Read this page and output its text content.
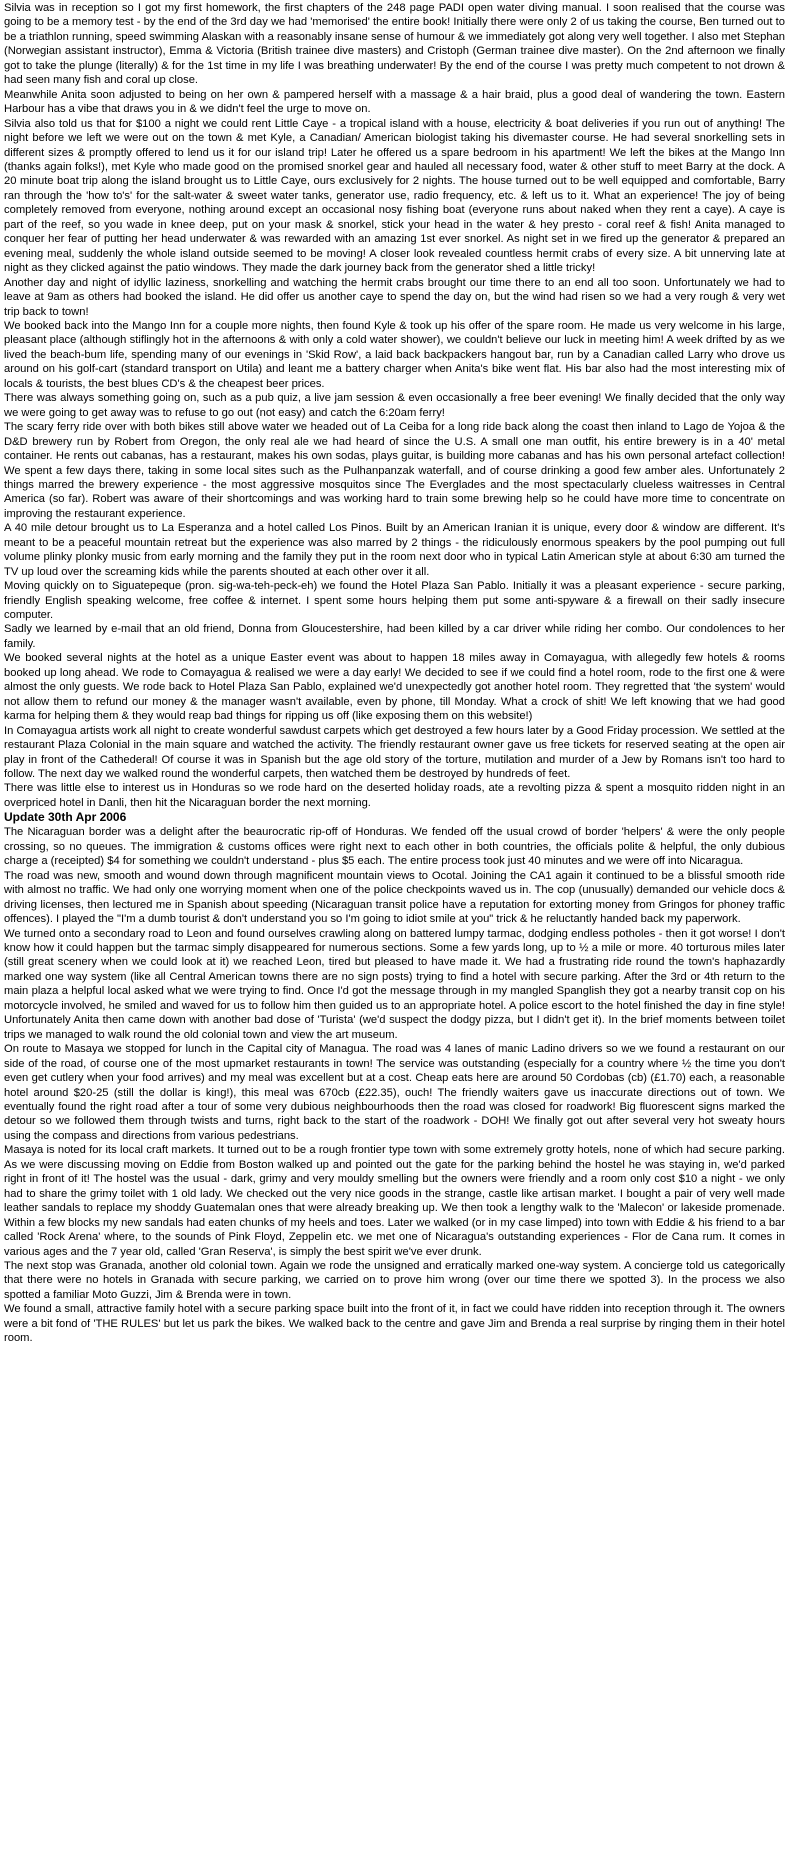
Silvia was in reception so I got my first homework, the first chapters of the 248 page PADI open water diving manual. I soon realised that the course was going to be a memory test - by the end of the 3rd day we had 'memorised' the entire book! Initially there were only 2 of us taking the course, Ben turned out to be a triathlon running, speed swimming Alaskan with a reasonably insane sense of humour & we immediately got along very well together. I also met Stephan (Norwegian assistant instructor), Emma & Victoria (British trainee dive masters) and Cristoph (German trainee dive master). On the 2nd afternoon we finally got to take the plunge (literally) & for the 1st time in my life I was breathing underwater! By the end of the course I was pretty much competent to not drown & had seen many fish and coral up close.

Meanwhile Anita soon adjusted to being on her own & pampered herself with a massage & a hair braid, plus a good deal of wandering the town. Eastern Harbour has a vibe that draws you in & we didn't feel the urge to move on.

Silvia also told us that for $100 a night we could rent Little Caye - a tropical island with a house, electricity & boat deliveries if you run out of anything! The night before we left we were out on the town & met Kyle, a Canadian/ American biologist taking his divemaster course. He had several snorkelling sets in different sizes & promptly offered to lend us it for our island trip! Later he offered us a spare bedroom in his apartment! We left the bikes at the Mango Inn (thanks again folks!), met Kyle who made good on the promised snorkel gear and hauled all necessary food, water & other stuff to meet Barry at the dock. A 20 minute boat trip along the island brought us to Little Caye, ours exclusively for 2 nights. The house turned out to be well equipped and comfortable, Barry ran through the 'how to's' for the salt-water & sweet water tanks, generator use, radio frequency, etc. & left us to it. What an experience! The joy of being completely removed from everyone, nothing around except an occasional nosy fishing boat (everyone runs about naked when they rent a caye). A caye is part of the reef, so you wade in knee deep, put on your mask & snorkel, stick your head in the water & hey presto - coral reef & fish! Anita managed to conquer her fear of putting her head underwater & was rewarded with an amazing 1st ever snorkel. As night set in we fired up the generator & prepared an evening meal, suddenly the whole island outside seemed to be moving! A closer look revealed countless hermit crabs of every size. A bit unnerving late at night as they clicked against the patio windows. They made the dark journey back from the generator shed a little tricky!

Another day and night of idyllic laziness, snorkelling and watching the hermit crabs brought our time there to an end all too soon. Unfortunately we had to leave at 9am as others had booked the island. He did offer us another caye to spend the day on, but the wind had risen so we had a very rough & very wet trip back to town!

We booked back into the Mango Inn for a couple more nights, then found Kyle & took up his offer of the spare room. He made us very welcome in his large, pleasant place (although stiflingly hot in the afternoons & with only a cold water shower), we couldn't believe our luck in meeting him! A week drifted by as we lived the beach-bum life, spending many of our evenings in 'Skid Row', a laid back backpackers hangout bar, run by a Canadian called Larry who drove us around on his golf-cart (standard transport on Utila) and leant me a battery charger when Anita's bike went flat. His bar also had the most interesting mix of locals & tourists, the best blues CD's & the cheapest beer prices.

There was always something going on, such as a pub quiz, a live jam session & even occasionally a free beer evening! We finally decided that the only way we were going to get away was to refuse to go out (not easy) and catch the 6:20am ferry!

The scary ferry ride over with both bikes still above water we headed out of La Ceiba for a long ride back along the coast then inland to Lago de Yojoa & the D&D brewery run by Robert from Oregon, the only real ale we had heard of since the U.S. A small one man outfit, his entire brewery is in a 40' metal container. He rents out cabanas, has a restaurant, makes his own sodas, plays guitar, is building more cabanas and has his own personal artefact collection! We spent a few days there, taking in some local sites such as the Pulhanpanzak waterfall, and of course drinking a good few amber ales. Unfortunately 2 things marred the brewery experience - the most aggressive mosquitos since The Everglades and the most spectacularly clueless waitresses in Central America (so far). Robert was aware of their shortcomings and was working hard to train some brewing help so he could have more time to concentrate on improving the restaurant experience.

A 40 mile detour brought us to La Esperanza and a hotel called Los Pinos. Built by an American Iranian it is unique, every door & window are different. It's meant to be a peaceful mountain retreat but the experience was also marred by 2 things - the ridiculously enormous speakers by the pool pumping out full volume plinky plonky music from early morning and the family they put in the room next door who in typical Latin American style at about 6:30 am turned the TV up loud over the screaming kids while the parents shouted at each other over it all.

Moving quickly on to Siguatepeque (pron. sig-wa-teh-peck-eh) we found the Hotel Plaza San Pablo. Initially it was a pleasant experience - secure parking, friendly English speaking welcome, free coffee & internet. I spent some hours helping them put some anti-spyware & a firewall on their sadly insecure computer.

Sadly we learned by e-mail that an old friend, Donna from Gloucestershire, had been killed by a car driver while riding her combo. Our condolences to her family.

We booked several nights at the hotel as a unique Easter event was about to happen 18 miles away in Comayagua, with allegedly few hotels & rooms booked up long ahead. We rode to Comayagua & realised we were a day early! We decided to see if we could find a hotel room, rode to the first one & were almost the only guests. We rode back to Hotel Plaza San Pablo, explained we'd unexpectedly got another hotel room. They regretted that 'the system' would not allow them to refund our money & the manager wasn't available, even by phone, till Monday. What a crock of shit! We left knowing that we had good karma for helping them & they would reap bad things for ripping us off (like exposing them on this website!)

In Comayagua artists work all night to create wonderful sawdust carpets which get destroyed a few hours later by a Good Friday procession. We settled at the restaurant Plaza Colonial in the main square and watched the activity. The friendly restaurant owner gave us free tickets for reserved seating at the open air play in front of the Cathederal! Of course it was in Spanish but the age old story of the torture, mutilation and murder of a Jew by Romans isn't too hard to follow. The next day we walked round the wonderful carpets, then watched them be destroyed by hundreds of feet.

There was little else to interest us in Honduras so we rode hard on the deserted holiday roads, ate a revolting pizza & spent a mosquito ridden night in an overpriced hotel in Danli, then hit the Nicaraguan border the next morning.

Update 30th Apr 2006

The Nicaraguan border was a delight after the beaurocratic rip-off of Honduras. We fended off the usual crowd of border 'helpers' & were the only people crossing, so no queues. The immigration & customs offices were right next to each other in both countries, the officials polite & helpful, the only dubious charge a (receipted) $4 for something we couldn't understand - plus $5 each. The entire process took just 40 minutes and we were off into Nicaragua.

The road was new, smooth and wound down through magnificent mountain views to Ocotal. Joining the CA1 again it continued to be a blissful smooth ride with almost no traffic. We had only one worrying moment when one of the police checkpoints waved us in. The cop (unusually) demanded our vehicle docs & driving licenses, then lectured me in Spanish about speeding (Nicaraguan transit police have a reputation for extorting money from Gringos for phoney traffic offences). I played the "I'm a dumb tourist & don't understand you so I'm going to idiot smile at you" trick & he reluctantly handed back my paperwork.

We turned onto a secondary road to Leon and found ourselves crawling along on battered lumpy tarmac, dodging endless potholes - then it got worse! I don't know how it could happen but the tarmac simply disappeared for numerous sections. Some a few yards long, up to ½ a mile or more. 40 torturous miles later (still great scenery when we could look at it) we reached Leon, tired but pleased to have made it. We had a frustrating ride round the town's haphazardly marked one way system (like all Central American towns there are no sign posts) trying to find a hotel with secure parking. After the 3rd or 4th return to the main plaza a helpful local asked what we were trying to find. Once I'd got the message through in my mangled Spanglish they got a nearby transit cop on his motorcycle involved, he smiled and waved for us to follow him then guided us to an appropriate hotel. A police escort to the hotel finished the day in fine style! Unfortunately Anita then came down with another bad dose of 'Turista' (we'd suspect the dodgy pizza, but I didn't get it). In the brief moments between toilet trips we managed to walk round the old colonial town and view the art museum.

On route to Masaya we stopped for lunch in the Capital city of Managua. The road was 4 lanes of manic Ladino drivers so we we found a restaurant on our side of the road, of course one of the most upmarket restaurants in town! The service was outstanding (especially for a country where ½ the time you don't even get cutlery when your food arrives) and my meal was excellent but at a cost. Cheap eats here are around 50 Cordobas (cb) (£1.70) each, a reasonable hotel around $20-25 (still the dollar is king!), this meal was 670cb (£22.35), ouch! The friendly waiters gave us inaccurate directions out of town. We eventually found the right road after a tour of some very dubious neighbourhoods then the road was closed for roadwork! Big fluorescent signs marked the detour so we followed them through twists and turns, right back to the start of the roadwork - DOH! We finally got out after several very hot sweaty hours using the compass and directions from various pedestrians.

Masaya is noted for its local craft markets. It turned out to be a rough frontier type town with some extremely grotty hotels, none of which had secure parking. As we were discussing moving on Eddie from Boston walked up and pointed out the gate for the parking behind the hostel he was staying in, we'd parked right in front of it! The hostel was the usual - dark, grimy and very mouldy smelling but the owners were friendly and a room only cost $10 a night - we only had to share the grimy toilet with 1 old lady. We checked out the very nice goods in the strange, castle like artisan market. I bought a pair of very well made leather sandals to replace my shoddy Guatemalan ones that were already breaking up. We then took a lengthy walk to the 'Malecon' or lakeside promenade. Within a few blocks my new sandals had eaten chunks of my heels and toes. Later we walked (or in my case limped) into town with Eddie & his friend to a bar called 'Rock Arena' where, to the sounds of Pink Floyd, Zeppelin etc. we met one of Nicaragua's outstanding experiences - Flor de Cana rum. It comes in various ages and the 7 year old, called 'Gran Reserva', is simply the best spirit we've ever drunk.

The next stop was Granada, another old colonial town. Again we rode the unsigned and erratically marked one-way system. A concierge told us categorically that there were no hotels in Granada with secure parking, we carried on to prove him wrong (over our time there we spotted 3). In the process we also spotted a familiar Moto Guzzi, Jim & Brenda were in town.

We found a small, attractive family hotel with a secure parking space built into the front of it, in fact we could have ridden into reception through it. The owners were a bit fond of 'THE RULES' but let us park the bikes. We walked back to the centre and gave Jim and Brenda a real surprise by ringing them in their hotel room.
